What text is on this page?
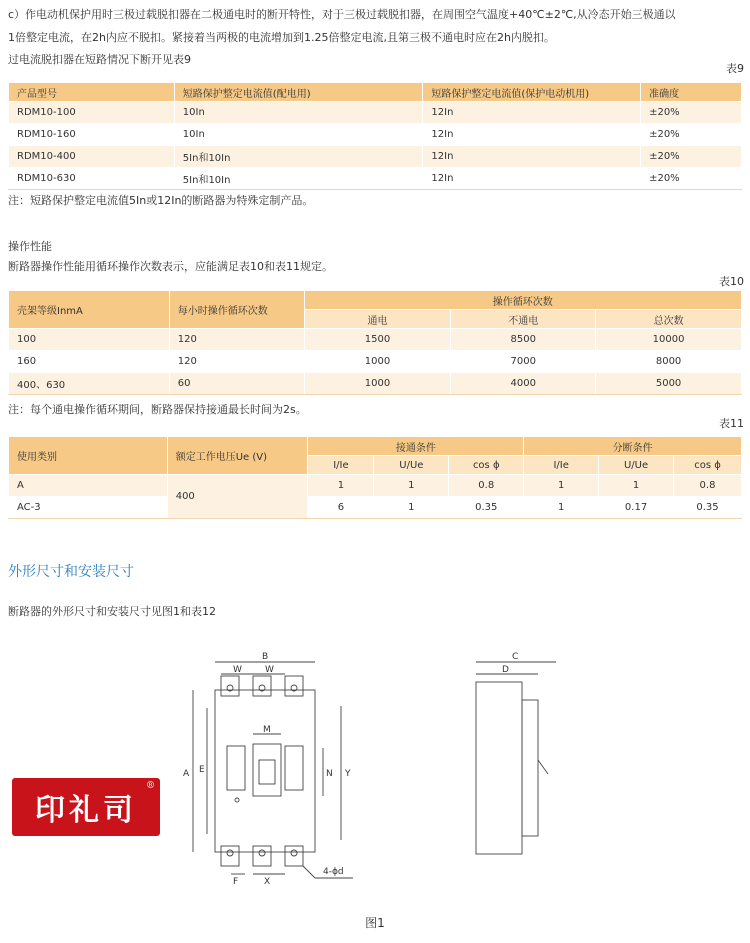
c）作电动机保护用时三极过载脱扣器在二极通电时的断开特性，对于三极过载脱扣器，在周围空气温度+40℃±2℃,从冷态开始三极通以
1倍整定电流，在2h内应不脱扣。紧接着当两极的电流增加到1.25倍整定电流,且第三极不通电时应在2h内脱扣。
过电流脱扣器在短路情况下断开见表9
表9
产品型号	短路保护整定电流值(配电用)	短路保护整定电流值(保护电动机用)	准确度
RDM10-100	10In	12In	±20%
RDM10-160	10In	12In	±20%
RDM10-400	5In和10In	12In	±20%
RDM10-630	5In和10In	12In	±20%
注：短路保护整定电流值5In或12In的断路器为特殊定制产品。
操作性能
断路器操作性能用循环操作次数表示，应能满足表10和表11规定。
表10
壳架等级InmA	每小时操作循环次数	操作循环次数		
		通电	不通电	总次数
100	120	1500	8500	10000
160	120	1000	7000	8000
400、630	60	1000	4000	5000
注：每个通电操作循环期间，断路器保持接通最长时间为2s。
表11
使用类别	额定工作电压Ue (V)	接通条件			分断条件		
		I/Ie	U/Ue	cos ϕ	I/Ie	U/Ue	cos ϕ
A	400	1	1	0.8	1	1	0.8
AC-3		6	1	0.35	1	0.17	0.35
外形尺寸和安装尺寸
断路器的外形尺寸和安装尺寸见图1和表12
B
W	W
M
A E	N Y
F	X
4-ϕd
C
D
印礼司
®
图1
